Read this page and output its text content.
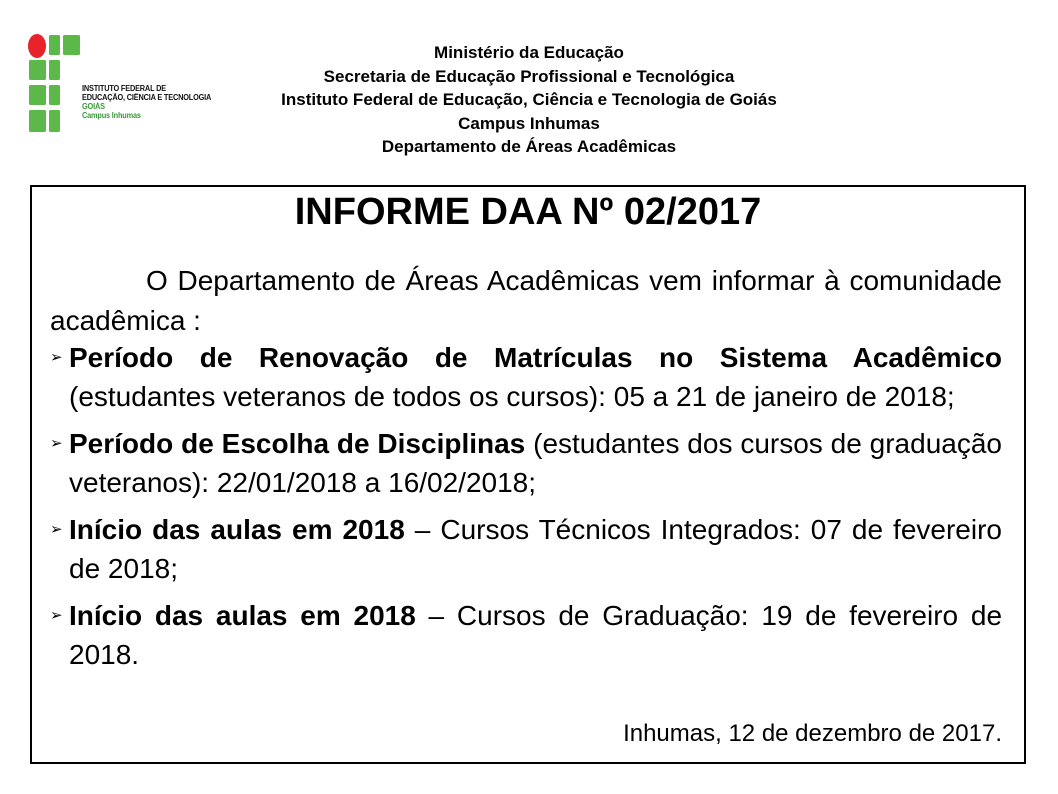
INSTITUTO FEDERAL DE
EDUCAÇÃO, CIÊNCIA E TECNOLOGIA
GOIÁS
Campus Inhumas
Ministério da Educação
Secretaria de Educação Profissional e Tecnológica
Instituto Federal de Educação, Ciência e Tecnologia de Goiás
Campus Inhumas
Departamento de Áreas Acadêmicas
INFORME DAA Nº 02/2017
O Departamento de Áreas Acadêmicas vem informar à comunidade acadêmica :
➢ Período de Renovação de Matrículas no Sistema Acadêmico (estudantes veteranos de todos os cursos): 05 a 21 de janeiro de 2018;
➢ Período de Escolha de Disciplinas (estudantes dos cursos de graduação veteranos): 22/01/2018 a 16/02/2018;
➢ Início das aulas em 2018 – Cursos Técnicos Integrados: 07 de fevereiro de 2018;
➢ Início das aulas em 2018 – Cursos de Graduação: 19 de fevereiro de 2018.
Inhumas, 12 de dezembro de 2017.
